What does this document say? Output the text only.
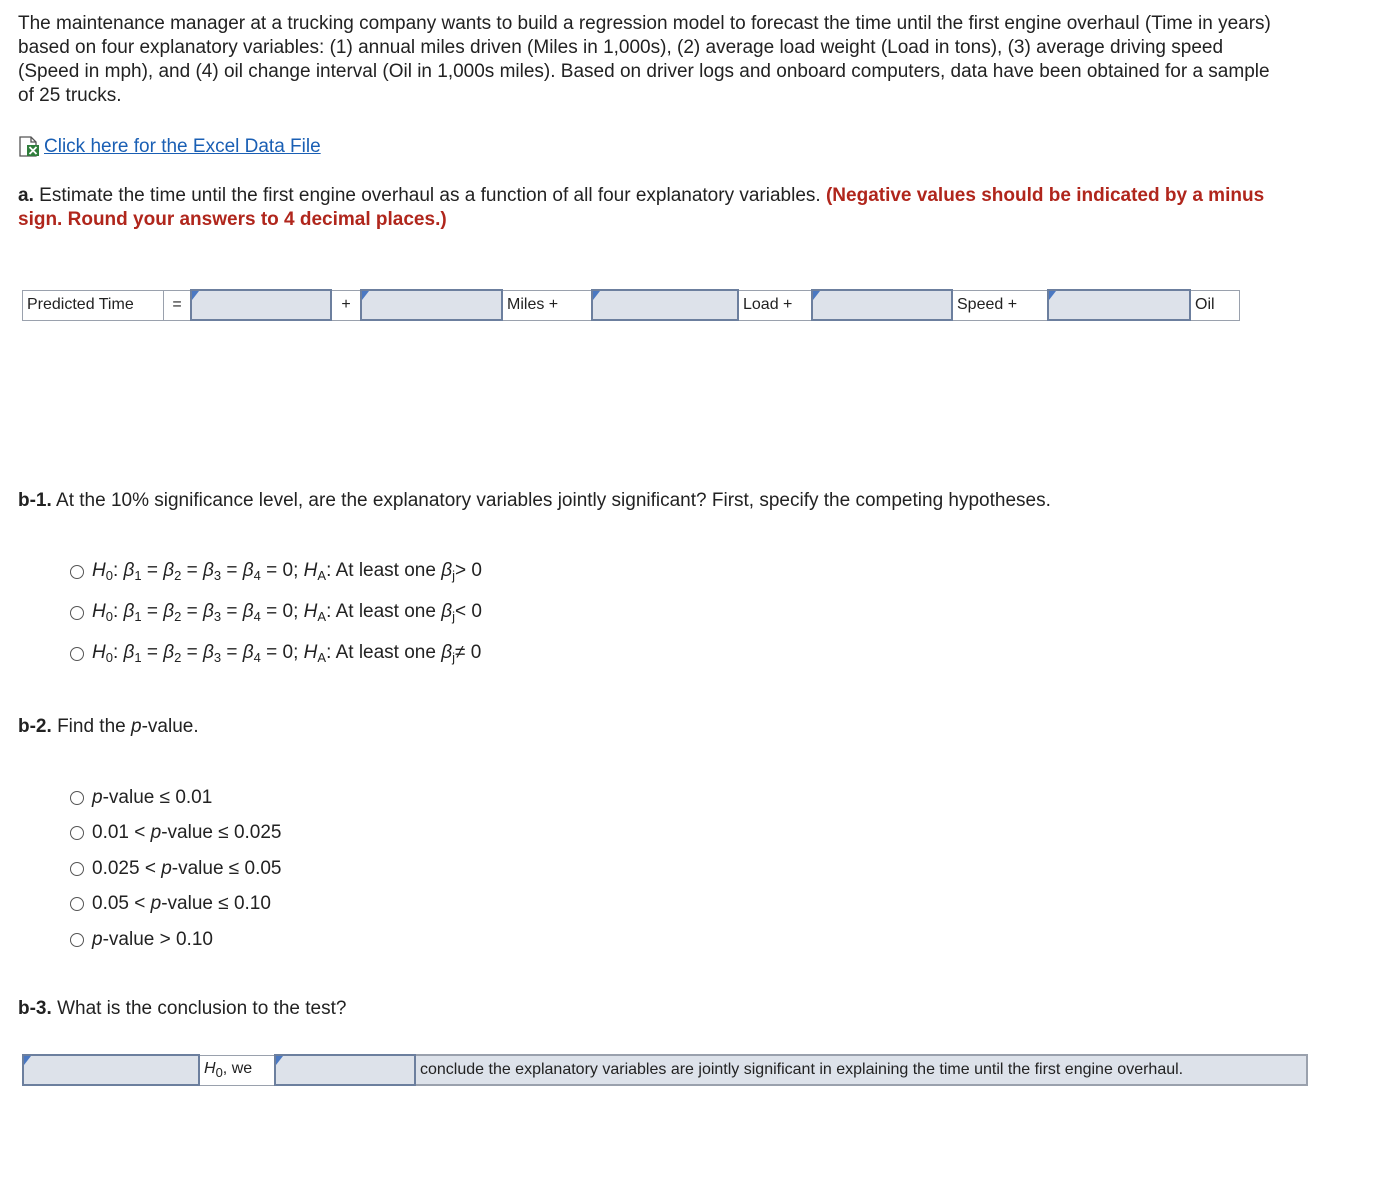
The maintenance manager at a trucking company wants to build a regression model to forecast the time until the first engine overhaul (Time in years) based on four explanatory variables: (1) annual miles driven (Miles in 1,000s), (2) average load weight (Load in tons), (3) average driving speed (Speed in mph), and (4) oil change interval (Oil in 1,000s miles). Based on driver logs and onboard computers, data have been obtained for a sample of 25 trucks.
Click here for the Excel Data File
a. Estimate the time until the first engine overhaul as a function of all four explanatory variables. (Negative values should be indicated by a minus sign. Round your answers to 4 decimal places.)
Predicted Time	=		+		Miles +		Load +		Speed +		Oil
b-1. At the 10% significance level, are the explanatory variables jointly significant? First, specify the competing hypotheses.
$H_0$: $\beta_1 = \beta_2 = \beta_3 = \beta_4 = 0$; $H_A$: At least one $\beta_j> 0$
$H_0$: $\beta_1 = \beta_2 = \beta_3 = \beta_4 = 0$; $H_A$: At least one $\beta_j< 0$
$H_0$: $\beta_1 = \beta_2 = \beta_3 = \beta_4 = 0$; $H_A$: At least one $\beta_j\ne 0$
b-2. Find the p-value.
p-value ≤ 0.01
0.01 < p-value ≤ 0.025
0.025 < p-value ≤ 0.05
0.05 < p-value ≤ 0.10
p-value > 0.10
b-3. What is the conclusion to the test?
	$H_0$, we		conclude the explanatory variables are jointly significant in explaining the time until the first engine overhaul.
